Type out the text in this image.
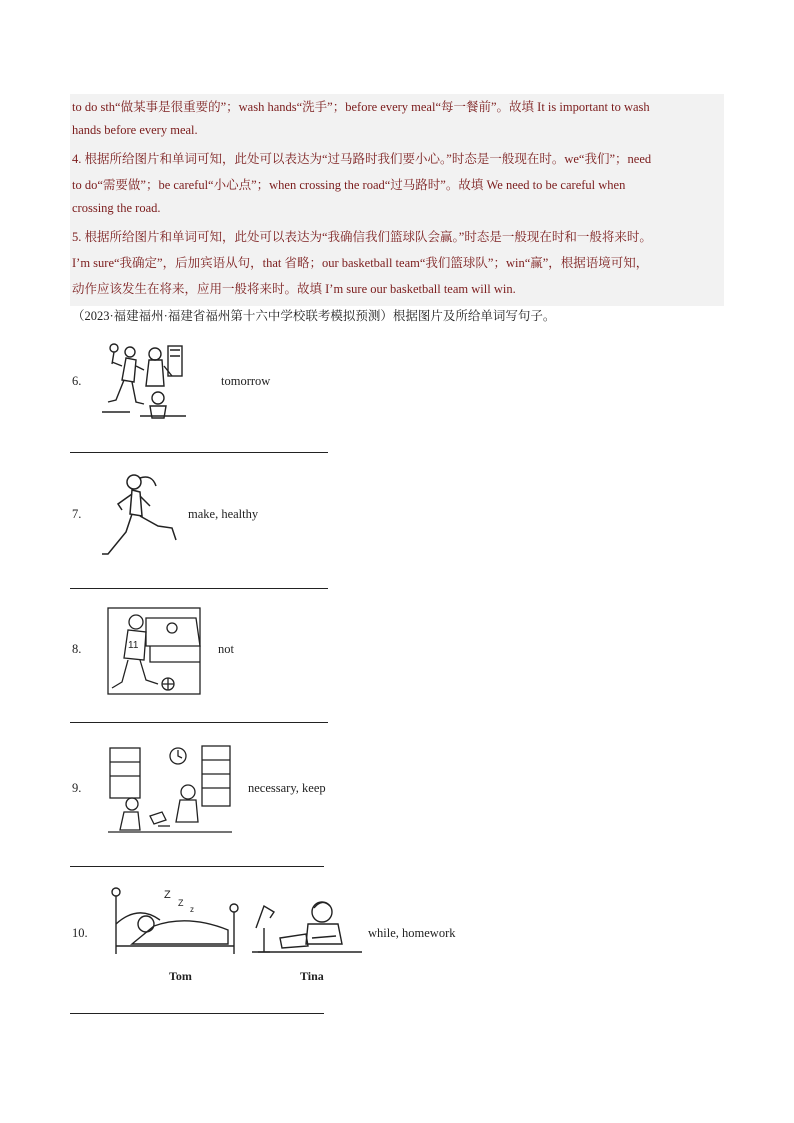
to do sth“做某事是很重要的”；wash hands“洗手”；before every meal“每一餐前”。故填 It is important to wash
hands before every meal.
4. 根据所给图片和单词可知，此处可以表达为“过马路时我们要小心。”时态是一般现在时。we“我们”；need
to do“需要做”；be careful“小心点”；when crossing the road“过马路时”。故填 We need to be careful when
crossing the road.
5. 根据所给图片和单词可知，此处可以表达为“我确信我们篮球队会赢。”时态是一般现在时和一般将来时。
I’m sure“我确定”，后加宾语从句，that 省略；our basketball team“我们篮球队”；win“赢”，根据语境可知，
动作应该发生在将来，应用一般将来时。故填 I’m sure our basketball team will win.
（2023·福建福州·福建省福州第十六中学校联考模拟预测）根据图片及所给单词写句子。
6.	tomorrow
7.	make, healthy
8.	11	not
9.	necessary, keep
10.
Z
Z
z
Tom	Tina
while, homework
